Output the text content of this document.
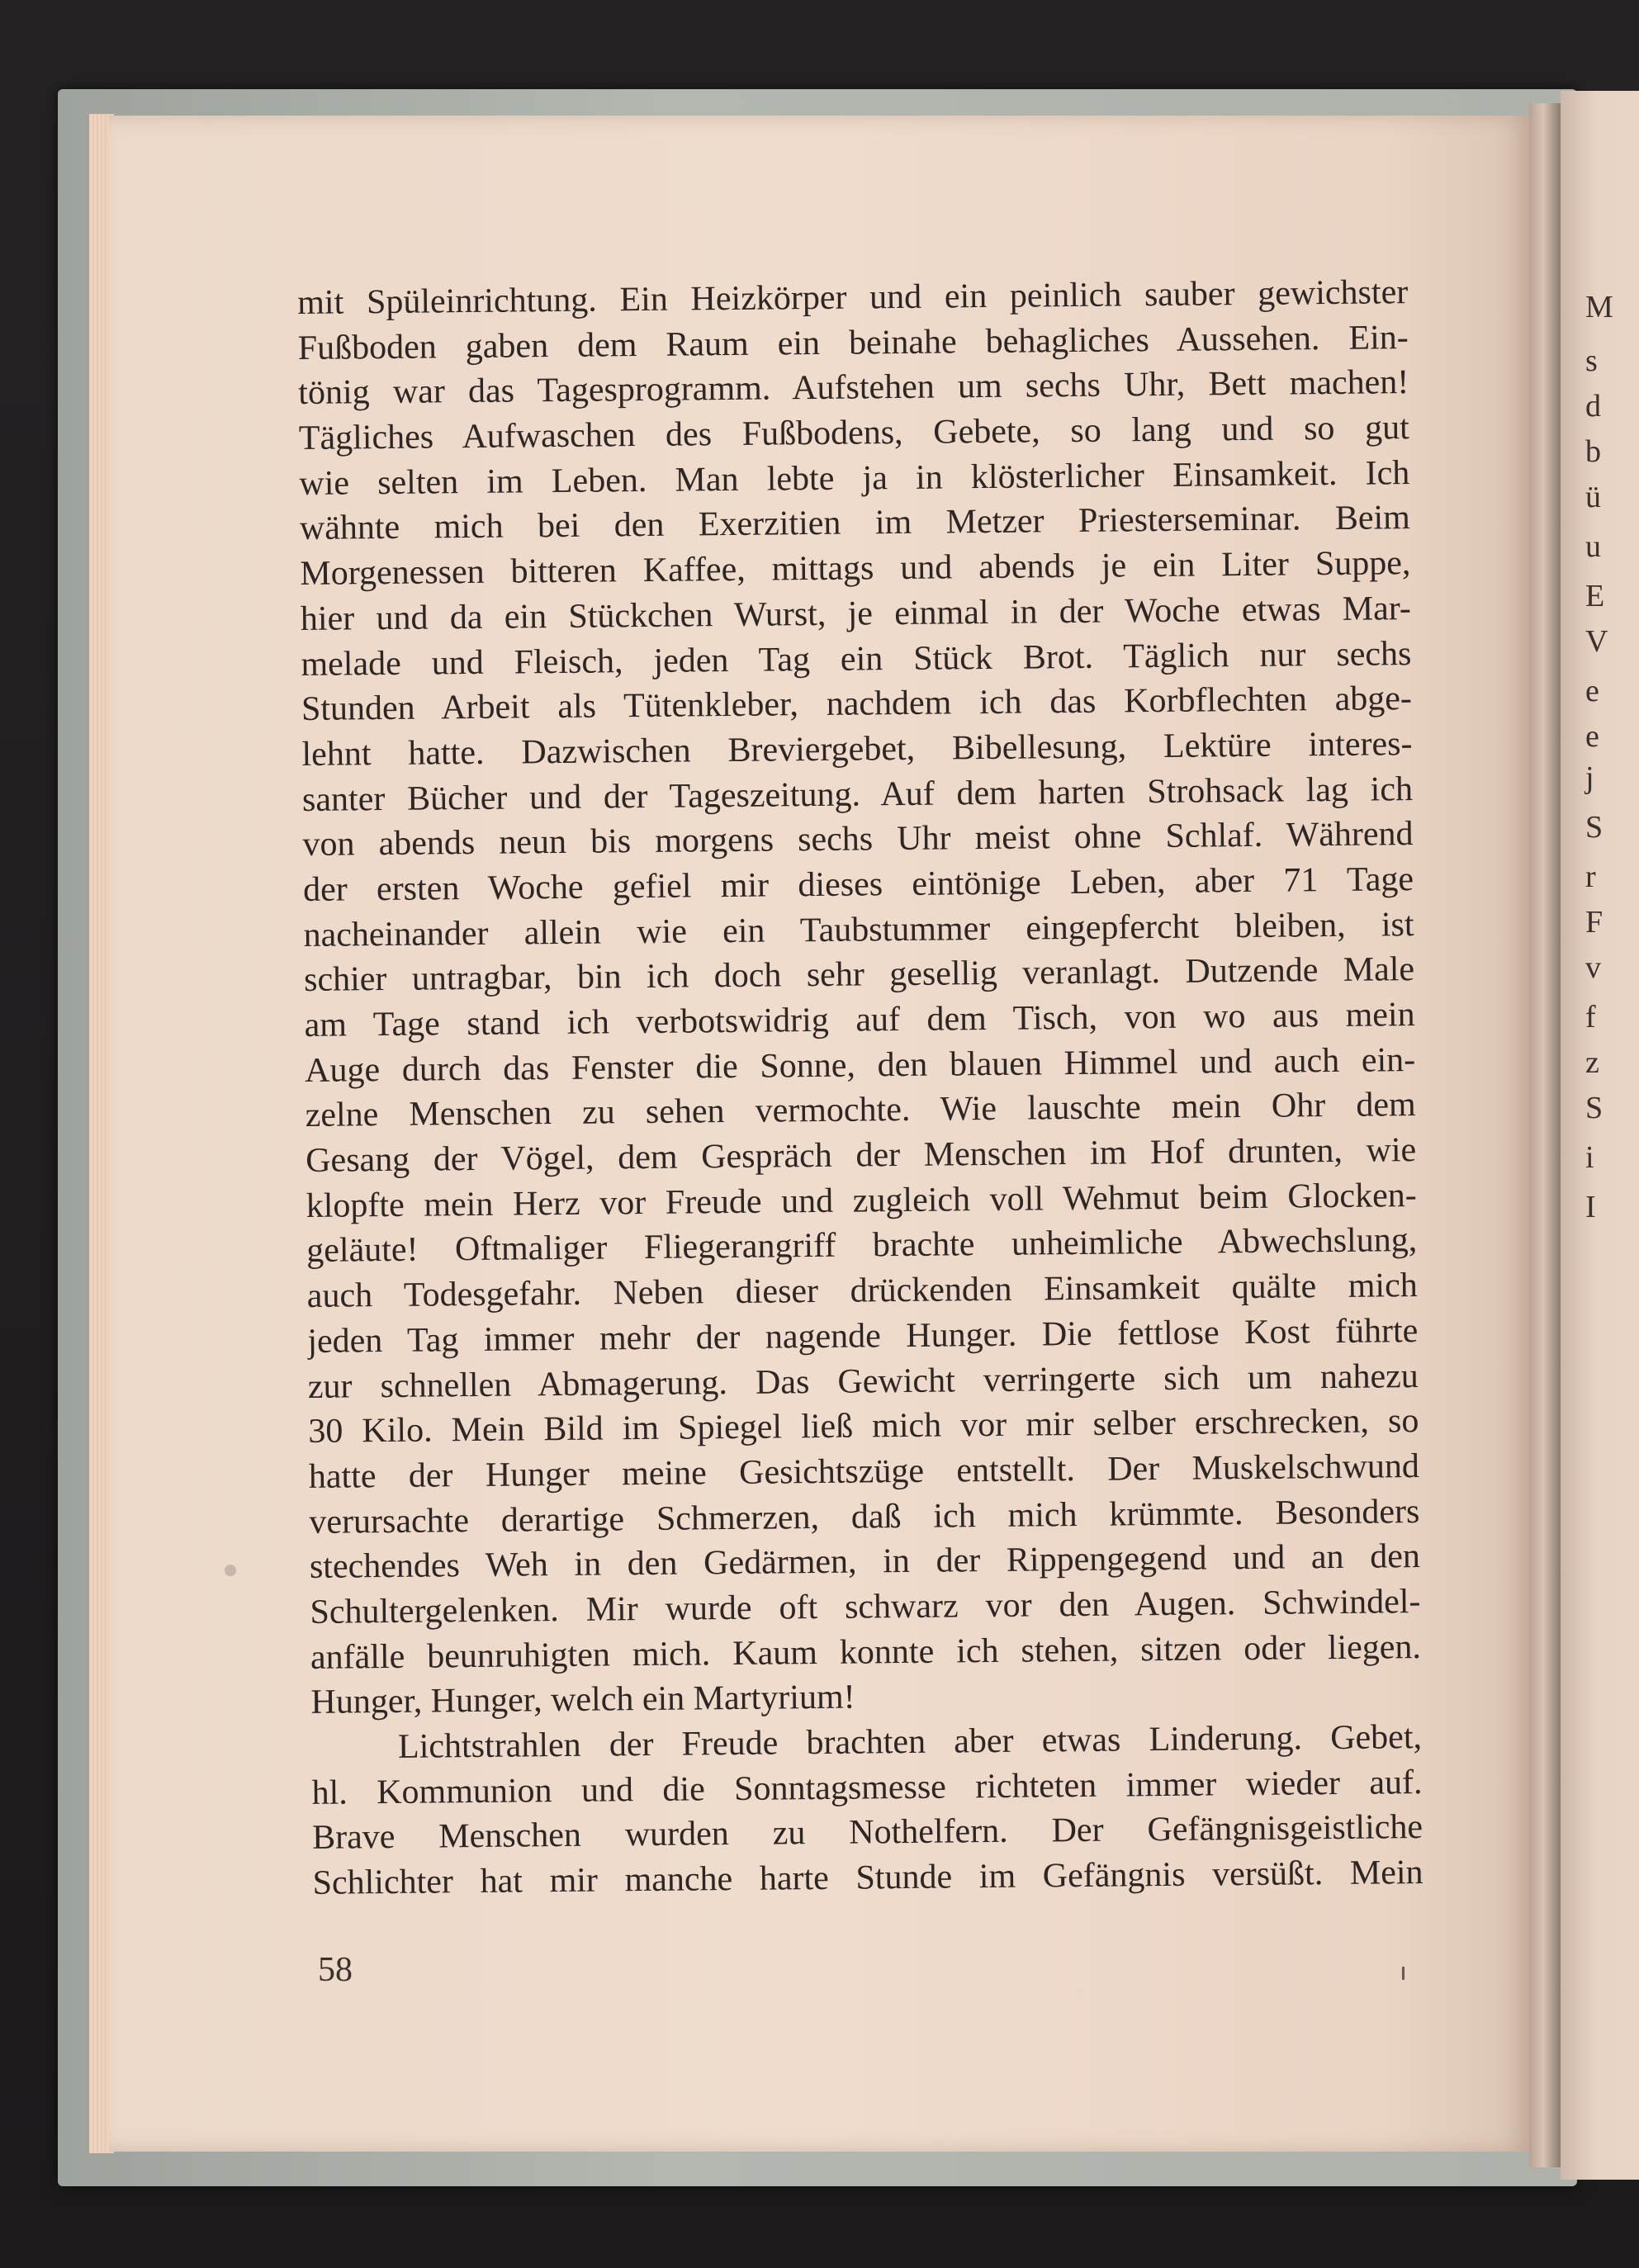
M
s
d
b
ü
u
E
V
e
e
j
S
r
F
v
f
z
S
i
I
mit Spüleinrichtung. Ein Heizkörper und ein peinlich sauber gewichster
Fußboden gaben dem Raum ein beinahe behagliches Aussehen. Ein-
tönig war das Tagesprogramm. Aufstehen um sechs Uhr, Bett machen!
Tägliches Aufwaschen des Fußbodens, Gebete, so lang und so gut
wie selten im Leben. Man lebte ja in klösterlicher Einsamkeit. Ich
wähnte mich bei den Exerzitien im Metzer Priesterseminar. Beim
Morgenessen bitteren Kaffee, mittags und abends je ein Liter Suppe,
hier und da ein Stückchen Wurst, je einmal in der Woche etwas Mar-
melade und Fleisch, jeden Tag ein Stück Brot. Täglich nur sechs
Stunden Arbeit als Tütenkleber, nachdem ich das Korbflechten abge-
lehnt hatte. Dazwischen Breviergebet, Bibellesung, Lektüre interes-
santer Bücher und der Tageszeitung. Auf dem harten Strohsack lag ich
von abends neun bis morgens sechs Uhr meist ohne Schlaf. Während
der ersten Woche gefiel mir dieses eintönige Leben, aber 71 Tage
nacheinander allein wie ein Taubstummer eingepfercht bleiben, ist
schier untragbar, bin ich doch sehr gesellig veranlagt. Dutzende Male
am Tage stand ich verbotswidrig auf dem Tisch, von wo aus mein
Auge durch das Fenster die Sonne, den blauen Himmel und auch ein-
zelne Menschen zu sehen vermochte. Wie lauschte mein Ohr dem
Gesang der Vögel, dem Gespräch der Menschen im Hof drunten, wie
klopfte mein Herz vor Freude und zugleich voll Wehmut beim Glocken-
geläute! Oftmaliger Fliegerangriff brachte unheimliche Abwechslung,
auch Todesgefahr. Neben dieser drückenden Einsamkeit quälte mich
jeden Tag immer mehr der nagende Hunger. Die fettlose Kost führte
zur schnellen Abmagerung. Das Gewicht verringerte sich um nahezu
30 Kilo. Mein Bild im Spiegel ließ mich vor mir selber erschrecken, so
hatte der Hunger meine Gesichtszüge entstellt. Der Muskelschwund
verursachte derartige Schmerzen, daß ich mich krümmte. Besonders
stechendes Weh in den Gedärmen, in der Rippengegend und an den
Schultergelenken. Mir wurde oft schwarz vor den Augen. Schwindel-
anfälle beunruhigten mich. Kaum konnte ich stehen, sitzen oder liegen.
Hunger, Hunger, welch ein Martyrium!
Lichtstrahlen der Freude brachten aber etwas Linderung. Gebet,
hl. Kommunion und die Sonntagsmesse richteten immer wieder auf.
Brave Menschen wurden zu Nothelfern. Der Gefängnisgeistliche
Schlichter hat mir manche harte Stunde im Gefängnis versüßt. Mein
58
